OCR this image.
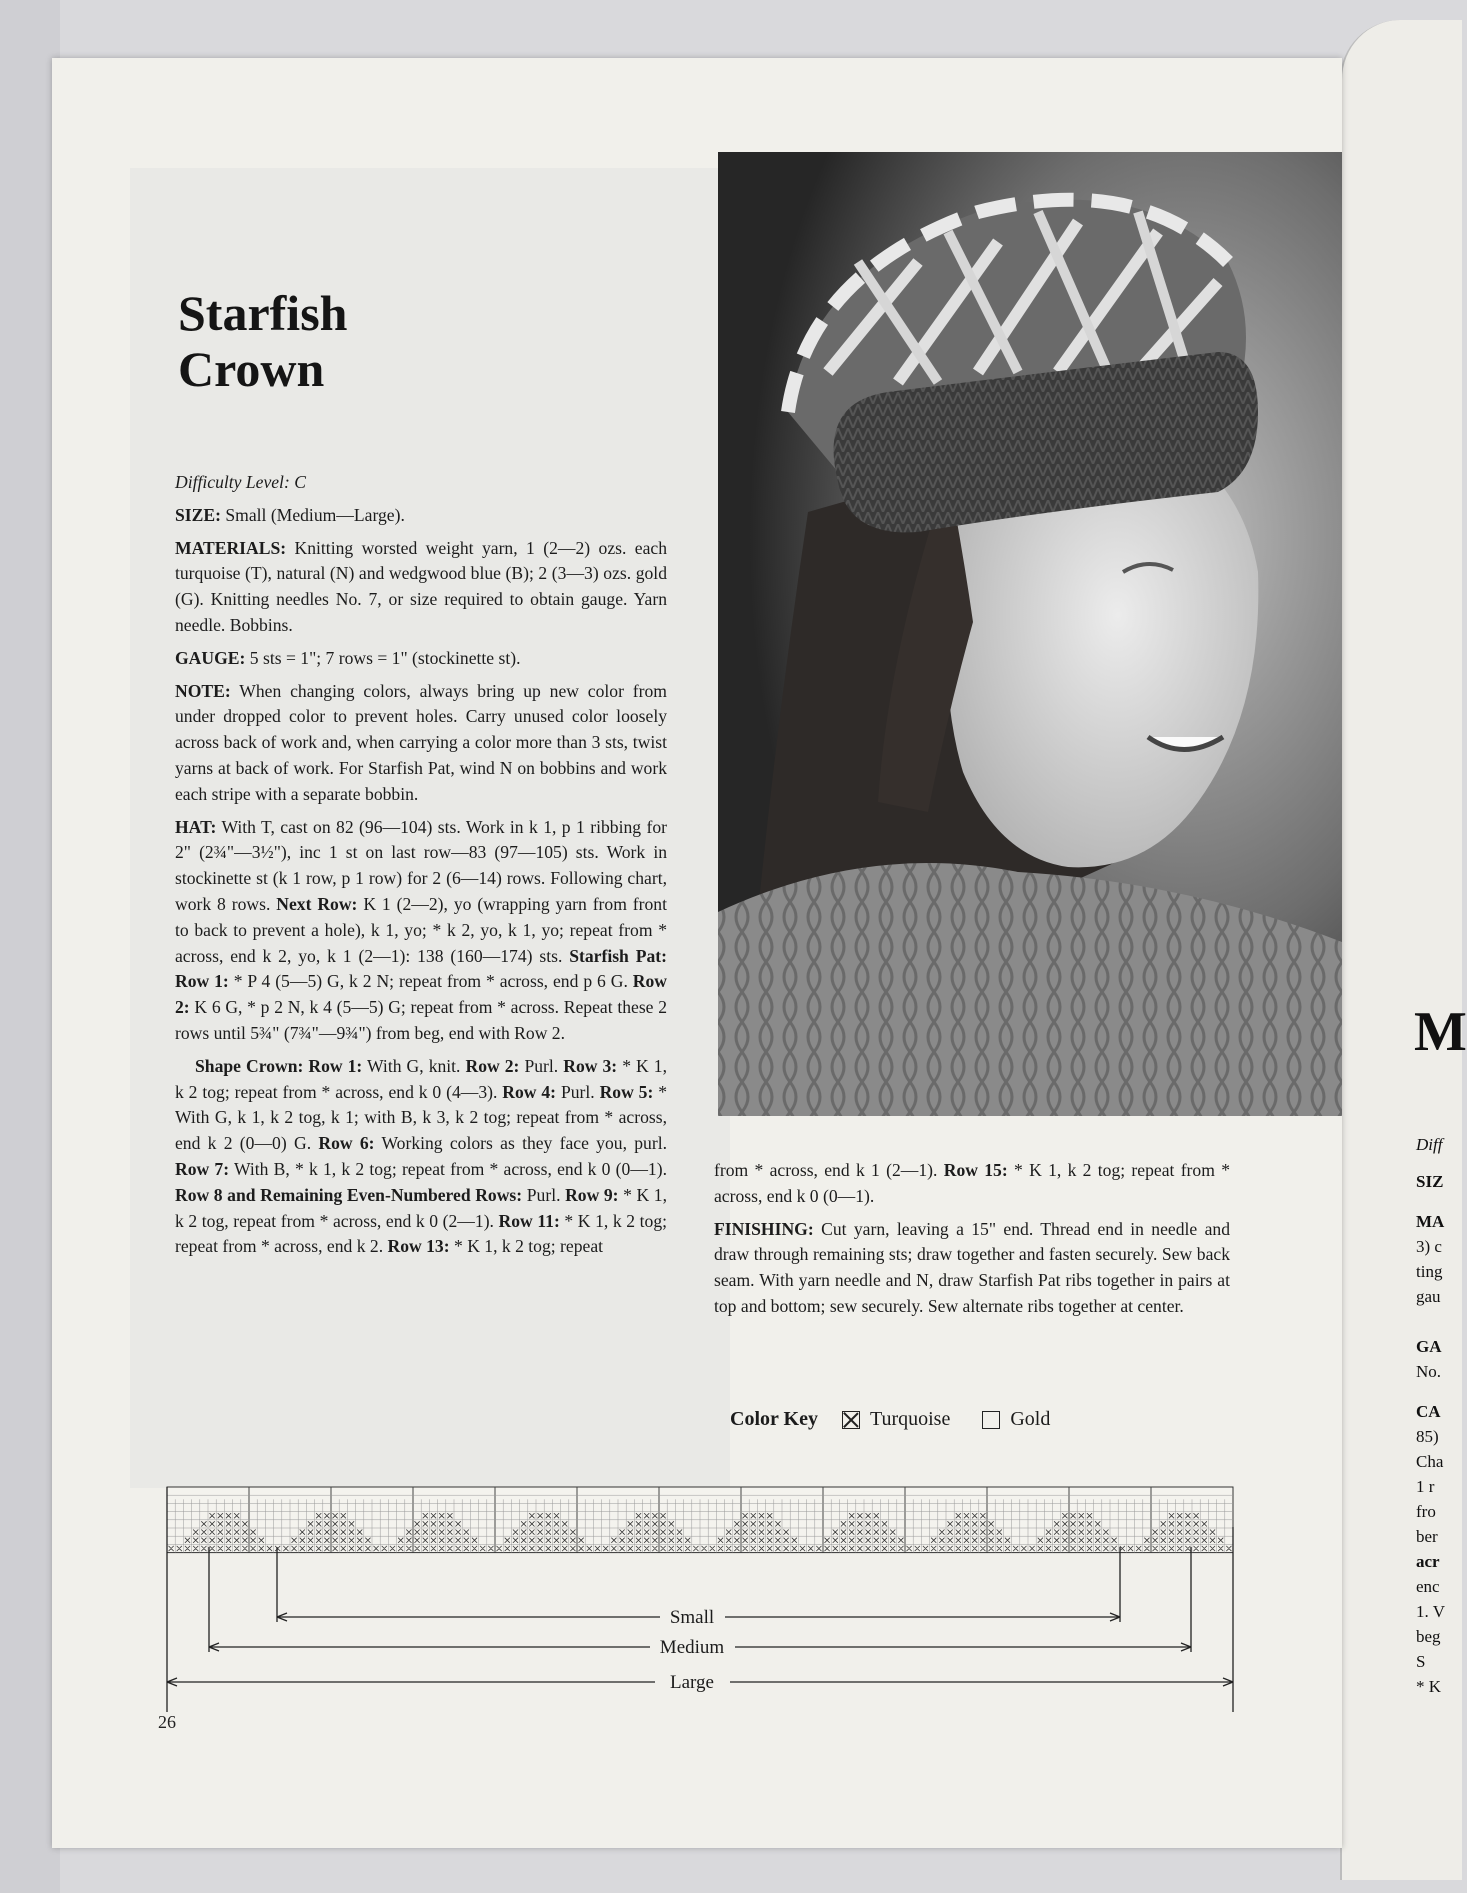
M
Diff
SIZ
MA
3) c
ting
gau
GA
No.
CA
85)
Cha
1 r
fro
ber
acr
enc
1. V
beg
S
* K
Starfish
Crown

Difficulty Level: C

SIZE: Small (Medium—Large).

MATERIALS: Knitting worsted weight yarn, 1 (2—2) ozs. each turquoise (T), natural (N) and wedgwood blue (B); 2 (3—3) ozs. gold (G). Knitting needles No. 7, or size required to obtain gauge. Yarn needle. Bobbins.

GAUGE: 5 sts = 1"; 7 rows = 1" (stockinette st).

NOTE: When changing colors, always bring up new color from under dropped color to prevent holes. Carry unused color loosely across back of work and, when carrying a color more than 3 sts, twist yarns at back of work. For Starfish Pat, wind N on bobbins and work each stripe with a separate bobbin.

HAT: With T, cast on 82 (96—104) sts. Work in k 1, p 1 ribbing for 2" (2¾"—3½"), inc 1 st on last row—83 (97—105) sts. Work in stockinette st (k 1 row, p 1 row) for 2 (6—14) rows. Following chart, work 8 rows. Next Row: K 1 (2—2), yo (wrapping yarn from front to back to prevent a hole), k 1, yo; * k 2, yo, k 1, yo; repeat from * across, end k 2, yo, k 1 (2—1): 138 (160—174) sts. Starfish Pat: Row 1: * P 4 (5—5) G, k 2 N; repeat from * across, end p 6 G. Row 2: K 6 G, * p 2 N, k 4 (5—5) G; repeat from * across. Repeat these 2 rows until 5¾" (7¾"—9¾") from beg, end with Row 2.

Shape Crown: Row 1: With G, knit. Row 2: Purl. Row 3: * K 1, k 2 tog; repeat from * across, end k 0 (4—3). Row 4: Purl. Row 5: * With G, k 1, k 2 tog, k 1; with B, k 3, k 2 tog; repeat from * across, end k 2 (0—0) G. Row 6: Working colors as they face you, purl. Row 7: With B, * k 1, k 2 tog; repeat from * across, end k 0 (0—1). Row 8 and Remaining Even-Numbered Rows: Purl. Row 9: * K 1, k 2 tog, repeat from * across, end k 0 (2—1). Row 11: * K 1, k 2 tog; repeat from * across, end k 2. Row 13: * K 1, k 2 tog; repeat

from * across, end k 1 (2—1). Row 15: * K 1, k 2 tog; repeat from * across, end k 0 (0—1).

FINISHING: Cut yarn, leaving a 15" end. Thread end in needle and draw through remaining sts; draw together and fasten securely. Sew back seam. With yarn needle and N, draw Starfish Pat ribs together in pairs at top and bottom; sew securely. Sew alternate ribs together at center.

Color Key	Turquoise	Gold
Small
Medium
Large
26
